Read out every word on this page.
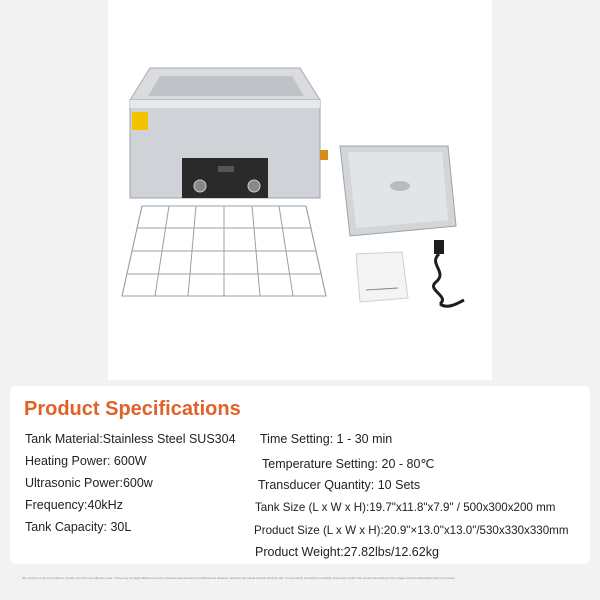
Product Specifications
Tank Material:Stainless Steel SUS304
Heating Power: 600W
Ultrasonic Power:600w
Frequency:40kHz
Tank Capacity: 30L
Time Setting: 1 - 30 min
Temperature Setting: 20 - 80℃
Transducer Quantity: 10 Sets
Tank Size (L x W x H):19.7"x11.8"x7.9" / 500x300x200 mm
Product Size (L x W x H):20.9"×13.0"x13.0"/530x330x330mm
Product Weight:27.82lbs/12.62kg
We continue to be committed to provide you with cost-effective tools. There may be slight differences due to manual measurement and differences between monitors; the actual product shall prevail. You are kindly reminded to carefully check and confirm the product according to the images and text description before purchase.
